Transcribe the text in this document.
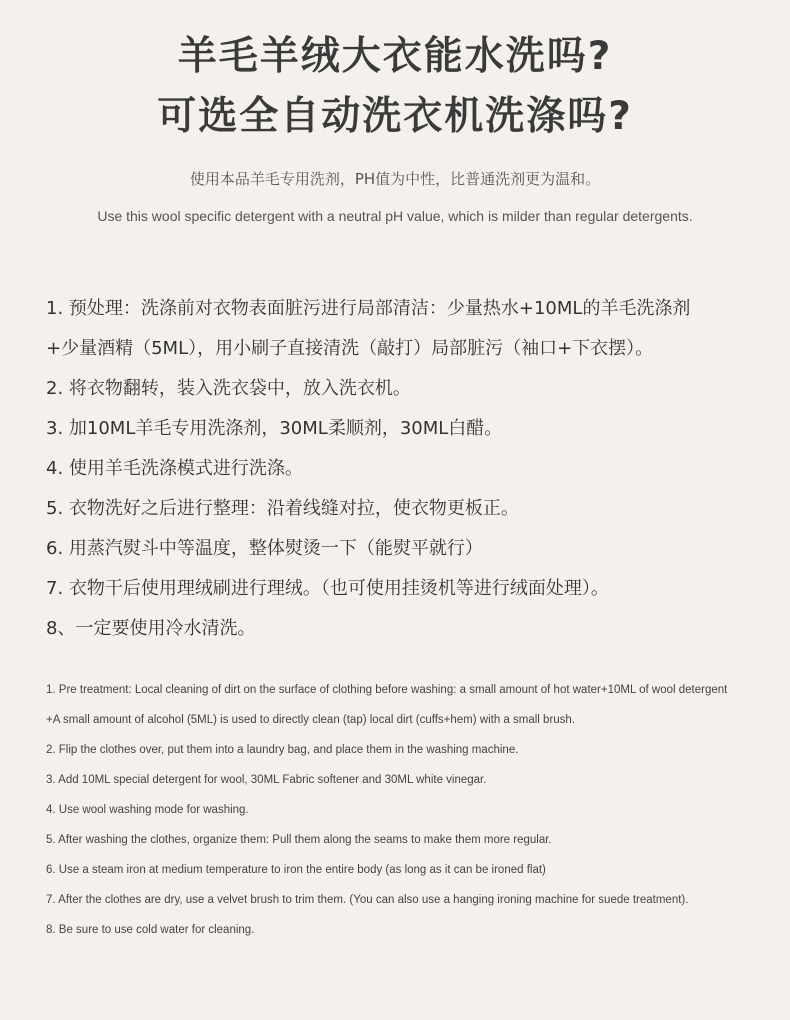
羊毛羊绒大衣能水洗吗?
可选全自动洗衣机洗涤吗?

使用本品羊毛专用洗剂，PH值为中性，比普通洗剂更为温和。

Use this wool specific detergent with a neutral pH value, which is milder than regular detergents.

1. 预处理：洗涤前对衣物表面脏污进行局部清洁：少量热水+10ML的羊毛洗涤剂
+少量酒精（5ML），用小刷子直接清洗（敲打）局部脏污（袖口+下衣摆）。
2. 将衣物翻转，装入洗衣袋中，放入洗衣机。
3. 加10ML羊毛专用洗涤剂，30ML柔顺剂，30ML白醋。
4. 使用羊毛洗涤模式进行洗涤。
5. 衣物洗好之后进行整理：沿着线缝对拉，使衣物更板正。
6. 用蒸汽熨斗中等温度，整体熨烫一下（能熨平就行）
7. 衣物干后使用理绒刷进行理绒。（也可使用挂烫机等进行绒面处理）。
8、一定要使用冷水清洗。
1. Pre treatment: Local cleaning of dirt on the surface of clothing before washing: a small amount of hot water+10ML of wool detergent
+A small amount of alcohol (5ML) is used to directly clean (tap) local dirt (cuffs+hem) with a small brush.
2. Flip the clothes over, put them into a laundry bag, and place them in the washing machine.
3. Add 10ML special detergent for wool, 30ML Fabric softener and 30ML white vinegar.
4. Use wool washing mode for washing.
5. After washing the clothes, organize them: Pull them along the seams to make them more regular.
6. Use a steam iron at medium temperature to iron the entire body (as long as it can be ironed flat)
7. After the clothes are dry, use a velvet brush to trim them. (You can also use a hanging ironing machine for suede treatment).
8. Be sure to use cold water for cleaning.
